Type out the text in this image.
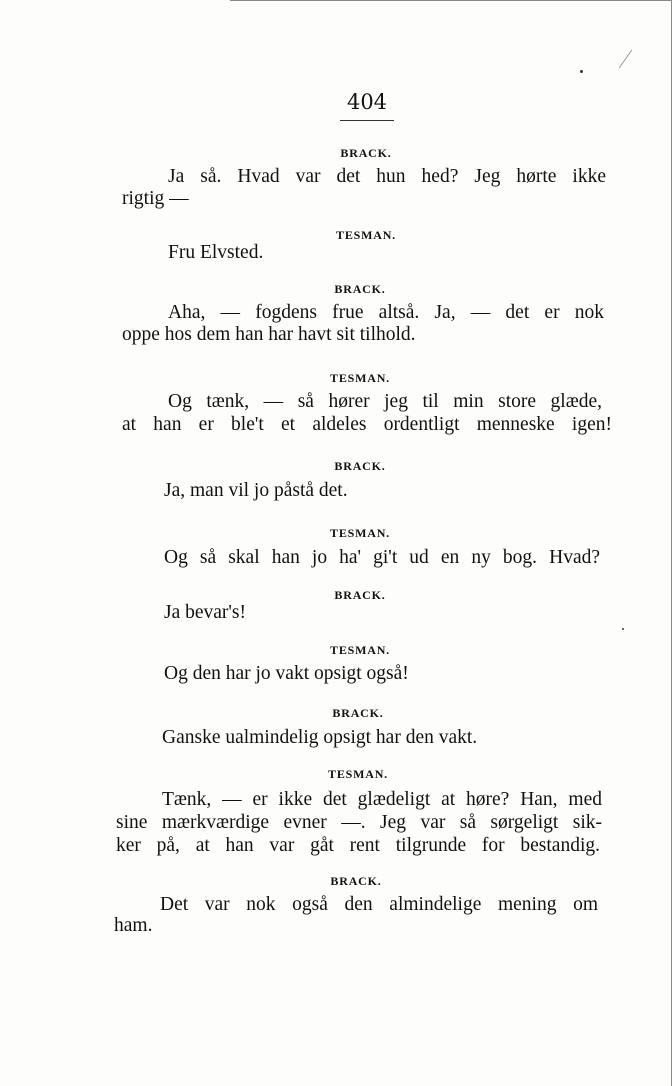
404
BRACK.
Ja så. Hvad var det hun hed? Jeg hørte ikke
rigtig —
TESMAN.
Fru Elvsted.
BRACK.
Aha, — fogdens frue altså. Ja, — det er nok
oppe hos dem han har havt sit tilhold.
TESMAN.
Og tænk, — så hører jeg til min store glæde,
at han er ble't et aldeles ordentligt menneske igen!
BRACK.
Ja, man vil jo påstå det.
TESMAN.
Og så skal han jo ha' gi't ud en ny bog. Hvad?
BRACK.
Ja bevar's!
TESMAN.
Og den har jo vakt opsigt også!
BRACK.
Ganske ualmindelig opsigt har den vakt.
TESMAN.
Tænk, — er ikke det glædeligt at høre? Han, med
sine mærkværdige evner —. Jeg var så sørgeligt sik-
ker på, at han var gåt rent tilgrunde for bestandig.
BRACK.
Det var nok også den almindelige mening om
ham.
